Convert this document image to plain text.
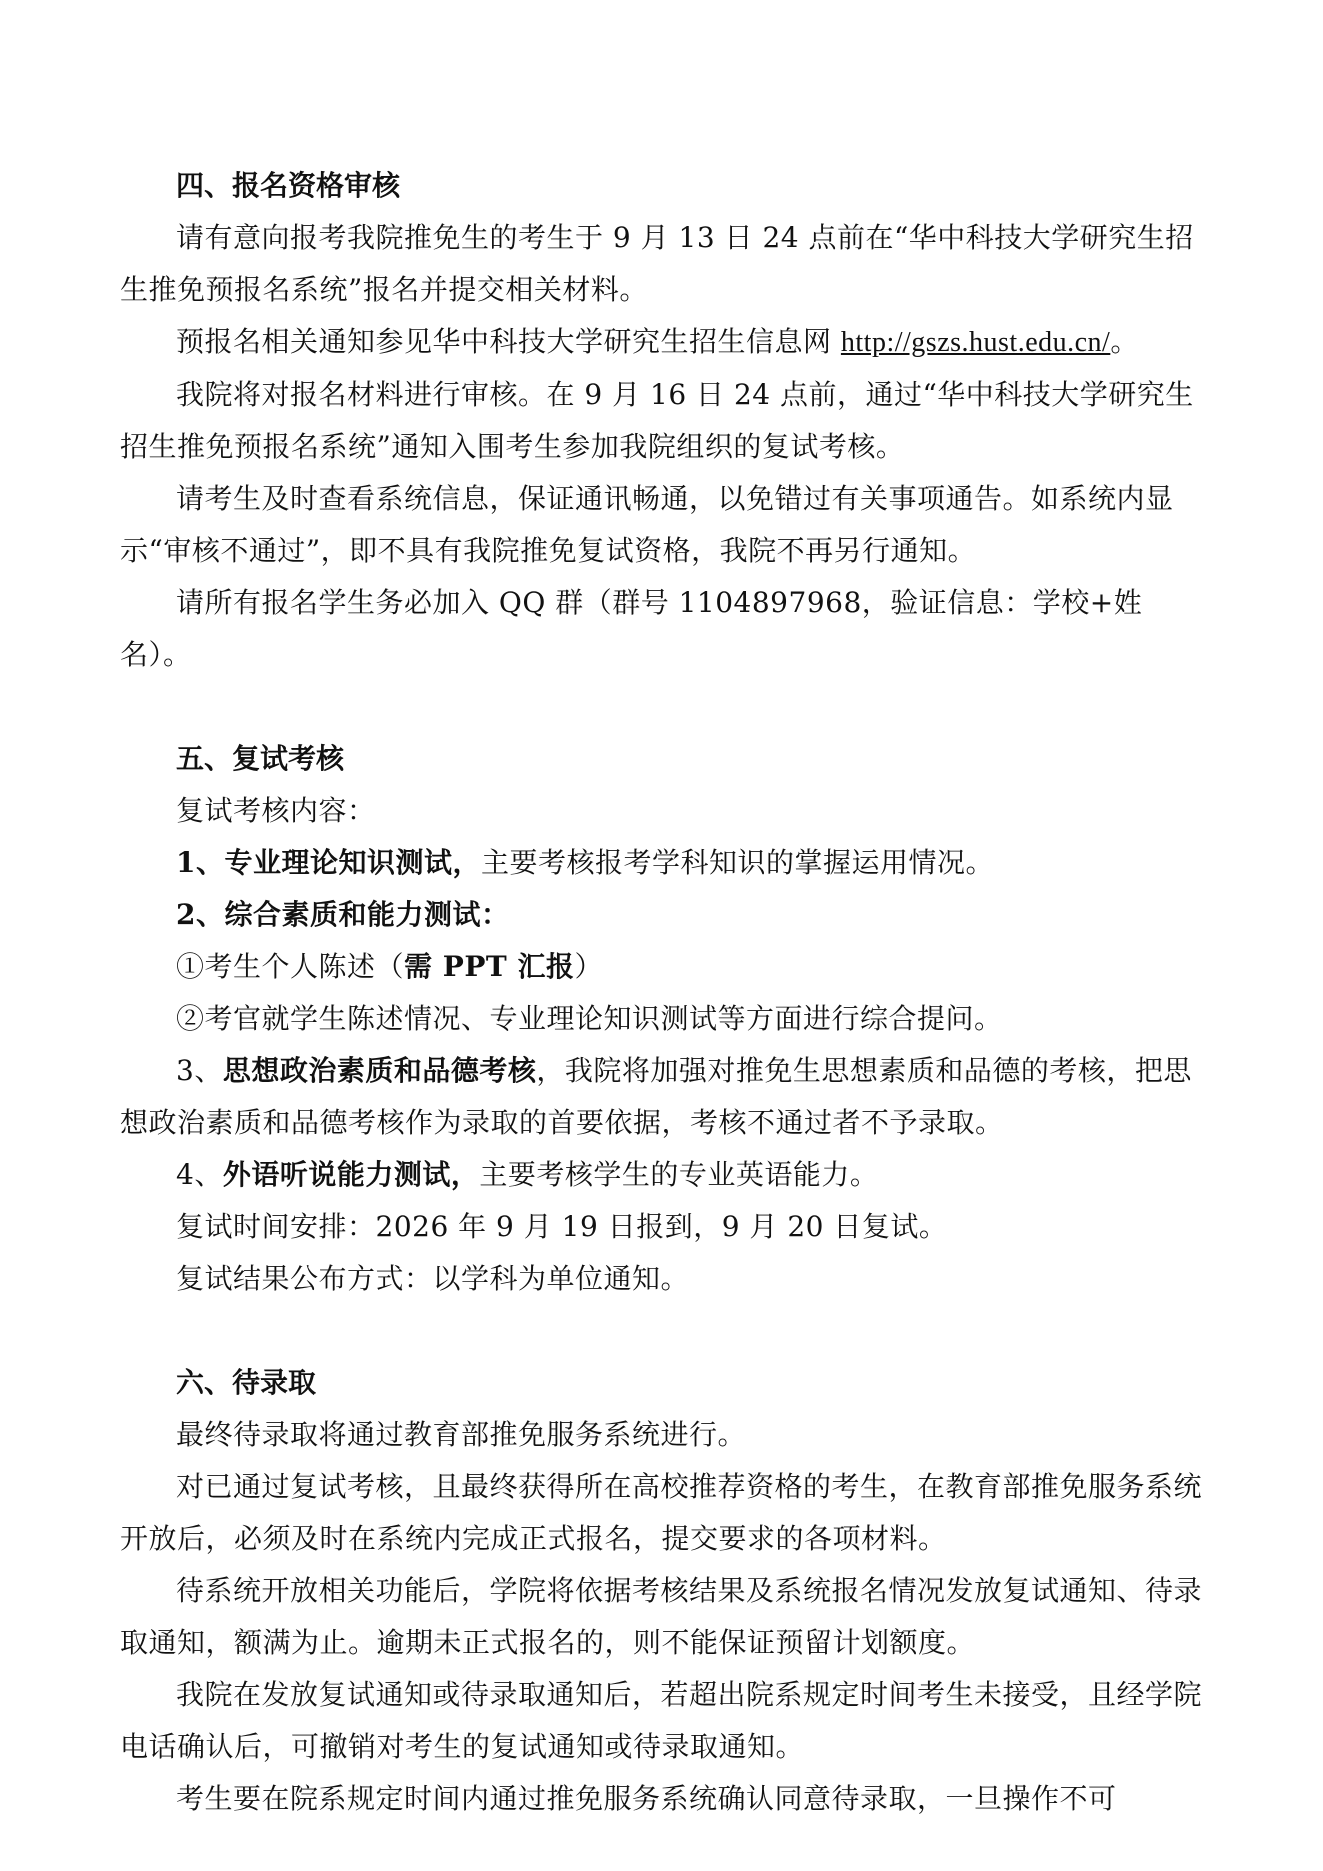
四、报名资格审核

请有意向报考我院推免生的考生于 9 月 13 日 24 点前在“华中科技大学研究生招生推免预报名系统”报名并提交相关材料。

预报名相关通知参见华中科技大学研究生招生信息网 http://gszs.hust.edu.cn/。

我院将对报名材料进行审核。在 9 月 16 日 24 点前，通过“华中科技大学研究生招生推免预报名系统”通知入围考生参加我院组织的复试考核。

请考生及时查看系统信息，保证通讯畅通，以免错过有关事项通告。如系统内显示“审核不通过”，即不具有我院推免复试资格，我院不再另行通知。

请所有报名学生务必加入 QQ 群（群号 1104897968，验证信息：学校+姓名）。

五、复试考核

复试考核内容：

1、专业理论知识测试，主要考核报考学科知识的掌握运用情况。

2、综合素质和能力测试：

①考生个人陈述（需 PPT 汇报）

②考官就学生陈述情况、专业理论知识测试等方面进行综合提问。

3、思想政治素质和品德考核，我院将加强对推免生思想素质和品德的考核，把思想政治素质和品德考核作为录取的首要依据，考核不通过者不予录取。

4、外语听说能力测试，主要考核学生的专业英语能力。

复试时间安排：2026 年 9 月 19 日报到，9 月 20 日复试。

复试结果公布方式：以学科为单位通知。

六、待录取

最终待录取将通过教育部推免服务系统进行。

对已通过复试考核，且最终获得所在高校推荐资格的考生，在教育部推免服务系统开放后，必须及时在系统内完成正式报名，提交要求的各项材料。

待系统开放相关功能后，学院将依据考核结果及系统报名情况发放复试通知、待录取通知，额满为止。逾期未正式报名的，则不能保证预留计划额度。

我院在发放复试通知或待录取通知后，若超出院系规定时间考生未接受，且经学院电话确认后，可撤销对考生的复试通知或待录取通知。

考生要在院系规定时间内通过推免服务系统确认同意待录取，一旦操作不可
